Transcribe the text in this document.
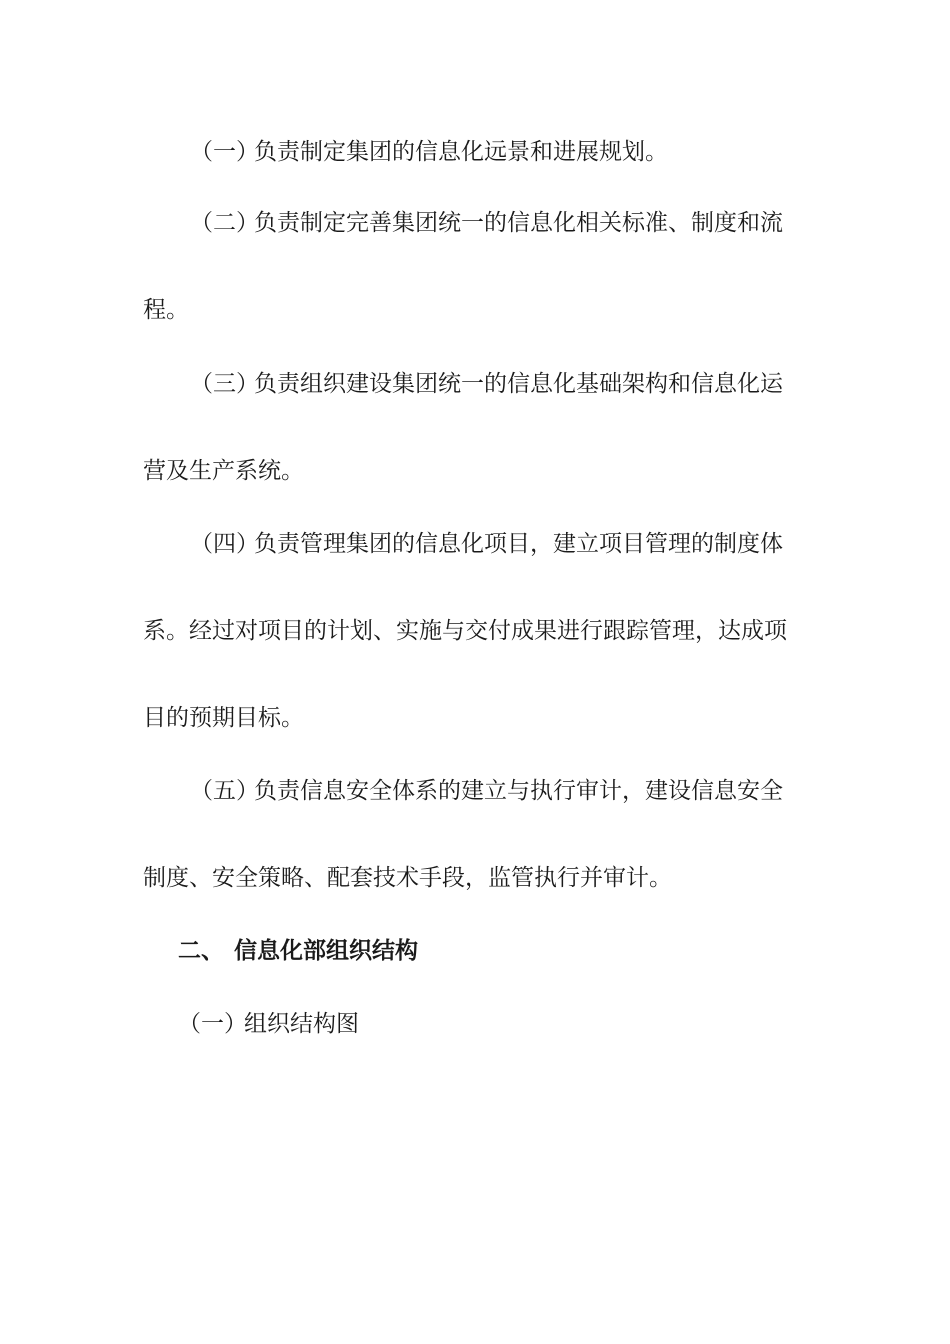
（一）负责制定集团的信息化远景和进展规划。
（二）负责制定完善集团统一的信息化相关标准、制度和流
程。
（三）负责组织建设集团统一的信息化基础架构和信息化运
营及生产系统。
（四）负责管理集团的信息化项目，建立项目管理的制度体
系。经过对项目的计划、实施与交付成果进行跟踪管理，达成项
目的预期目标。
（五）负责信息安全体系的建立与执行审计，建设信息安全
制度、安全策略、配套技术手段，监管执行并审计。
二、 信息化部组织结构
（一）组织结构图
